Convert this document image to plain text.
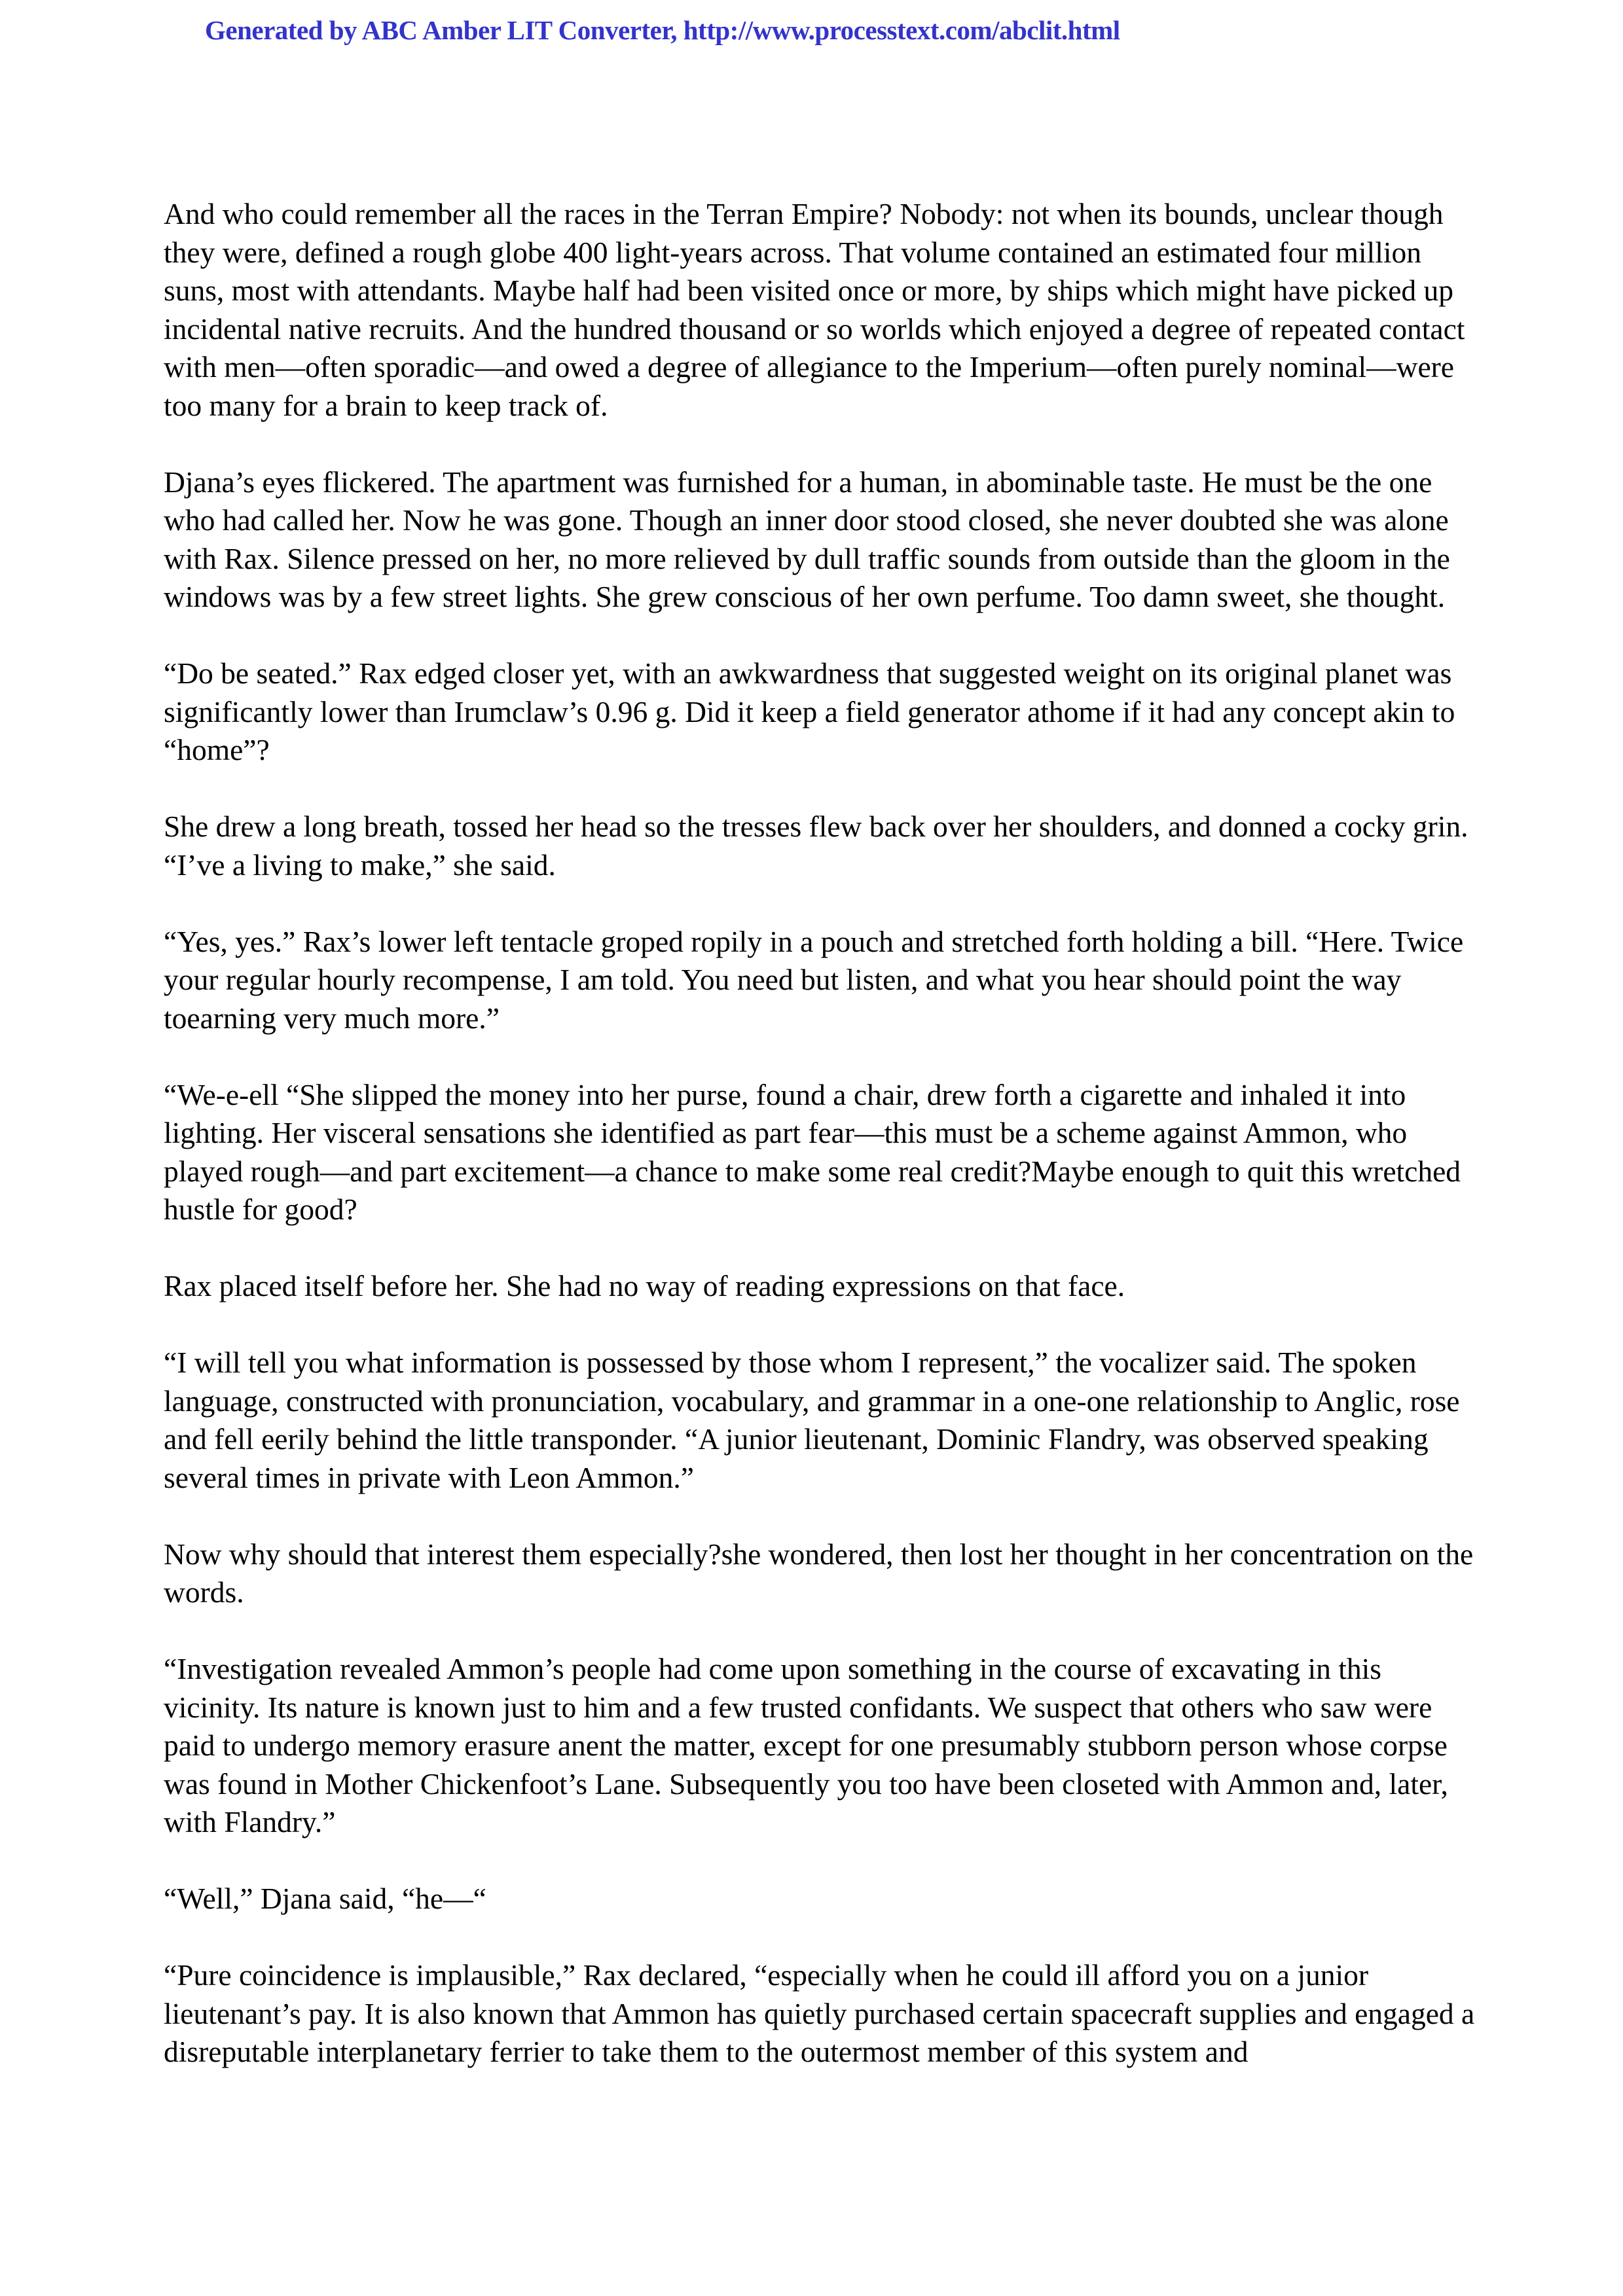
Generated by ABC Amber LIT Converter, http://www.processtext.com/abclit.html

And who could remember all the races in the Terran Empire? Nobody: not when its bounds, unclear though they were, defined a rough globe 400 light-years across. That volume contained an estimated four million suns, most with attendants. Maybe half had been visited once or more, by ships which might have picked up incidental native recruits. And the hundred thousand or so worlds which enjoyed a degree of repeated contact with men—often sporadic—and owed a degree of allegiance to the Imperium—often purely nominal—were too many for a brain to keep track of.

Djana’s eyes flickered. The apartment was furnished for a human, in abominable taste. He must be the one who had called her. Now he was gone. Though an inner door stood closed, she never doubted she was alone with Rax. Silence pressed on her, no more relieved by dull traffic sounds from outside than the gloom in the windows was by a few street lights. She grew conscious of her own perfume. Too damn sweet, she thought.

“Do be seated.” Rax edged closer yet, with an awkwardness that suggested weight on its original planet was significantly lower than Irumclaw’s 0.96 g. Did it keep a field generator athome if it had any concept akin to “home”?

She drew a long breath, tossed her head so the tresses flew back over her shoulders, and donned a cocky grin. “I’ve a living to make,” she said.

“Yes, yes.” Rax’s lower left tentacle groped ropily in a pouch and stretched forth holding a bill. “Here. Twice your regular hourly recompense, I am told. You need but listen, and what you hear should point the way toearning very much more.”

“We-e-ell “She slipped the money into her purse, found a chair, drew forth a cigarette and inhaled it into lighting. Her visceral sensations she identified as part fear—this must be a scheme against Ammon, who played rough—and part excitement—a chance to make some real credit?Maybe enough to quit this wretched hustle for good?

Rax placed itself before her. She had no way of reading expressions on that face.

“I will tell you what information is possessed by those whom I represent,” the vocalizer said. The spoken language, constructed with pronunciation, vocabulary, and grammar in a one-one relationship to Anglic, rose and fell eerily behind the little transponder. “A junior lieutenant, Dominic Flandry, was observed speaking several times in private with Leon Ammon.”

Now why should that interest them especially?she wondered, then lost her thought in her concentration on the words.

“Investigation revealed Ammon’s people had come upon something in the course of excavating in this vicinity. Its nature is known just to him and a few trusted confidants. We suspect that others who saw were paid to undergo memory erasure anent the matter, except for one presumably stubborn person whose corpse was found in Mother Chickenfoot’s Lane. Subsequently you too have been closeted with Ammon and, later, with Flandry.”

“Well,” Djana said, “he—“

“Pure coincidence is implausible,” Rax declared, “especially when he could ill afford you on a junior lieutenant’s pay. It is also known that Ammon has quietly purchased certain spacecraft supplies and engaged a disreputable interplanetary ferrier to take them to the outermost member of this system and
